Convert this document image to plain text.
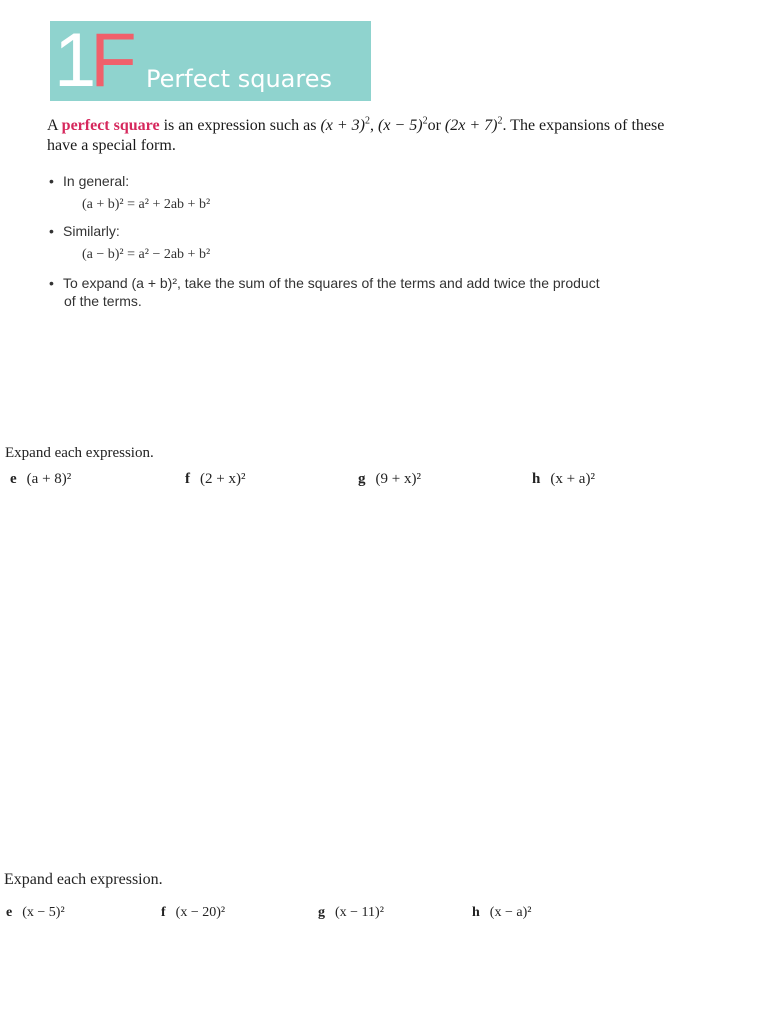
1F Perfect squares
A perfect square is an expression such as $(x + 3)^2$, $(x - 5)^2or$ $(2x + 7)^2$. The expansions of these
have a special form.
• In general:
(a + b)² = a² + 2ab + b²
• Similarly:
(a − b)² = a² − 2ab + b²
• To expand (a + b)², take the sum of the squares of the terms and add twice the product
of the terms.
Expand each expression.
e (a + 8)²	f (2 + x)²	g (9 + x)²	h (x + a)²
Expand each expression.
e (x − 5)²	f (x − 20)²	g (x − 11)²	h (x − a)²
